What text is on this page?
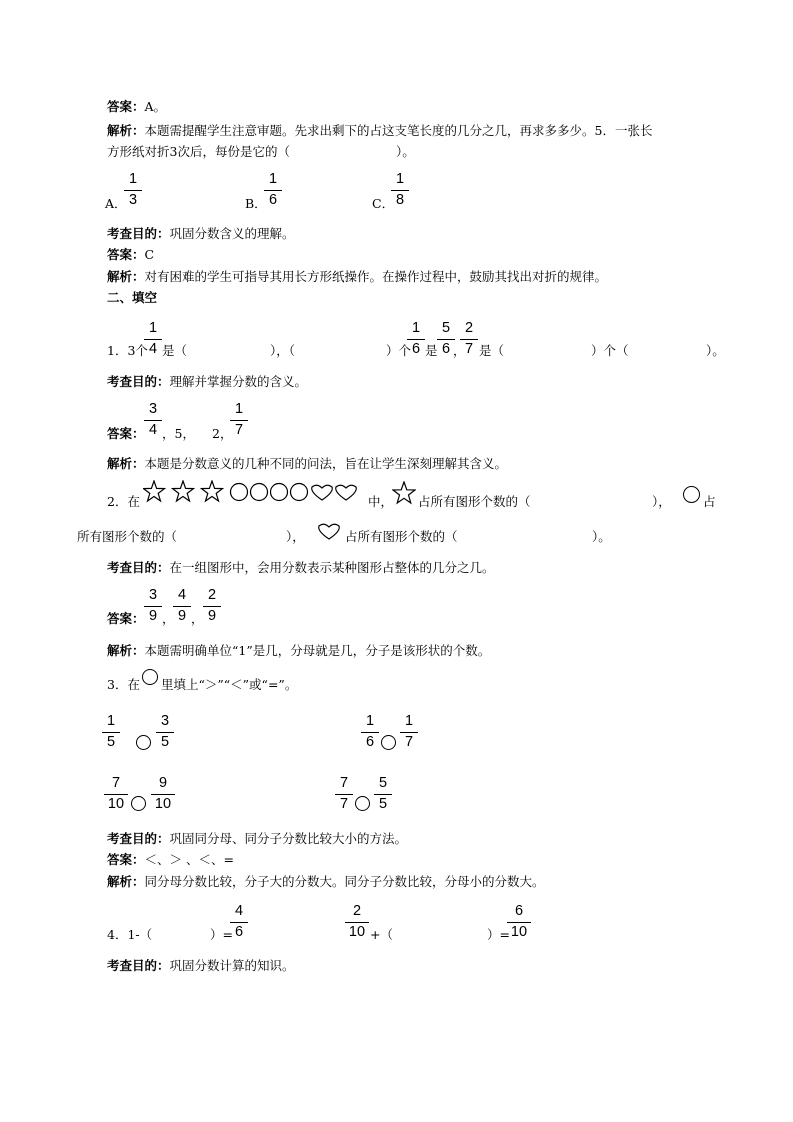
答案：A。
解析：本题需提醒学生注意审题。先求出剩下的占这支笔长度的几分之几，再求多多少。5．一张长
方形纸对折3次后，每份是它的（	）。
A．
1
3	B．
1
6	C．
1
8
考查目的：巩固分数含义的理解。
答案：C
解析：对有困难的学生可指导其用长方形纸操作。在操作过程中，鼓励其找出对折的规律。
二、填空
1．3个
1
4 是（	），（	）个
1
6 是
5
6 ，
2
7 是（	）个（	）。
考查目的：理解并掌握分数的含义。
答案：
3
4 ，5， 2，
1
7
解析：本题是分数意义的几种不同的问法，旨在让学生深刻理解其含义。
2．在	中， 占所有图形个数的（	），	占
所有图形个数的（	），	占所有图形个数的（	）。
考查目的：在一组图形中，会用分数表示某种图形占整体的几分之几。
答案：
3
9 ，
4
9 ，
2
9
解析：本题需明确单位“1”是几，分母就是几，分子是该形状的个数。
3．在 里填上“＞”“＜”或“=”。
1
5
3
5
1
6
1
7
7
10
9
10
7
7
5
5
考查目的：巩固同分母、同分子分数比较大小的方法。
答案：＜、＞ 、＜、=
解析：同分母分数比较，分子大的分数大。同分子分数比较，分母小的分数大。
4．1-（	）=
4
6
2
10 +（	）=
6
10
考查目的：巩固分数计算的知识。
